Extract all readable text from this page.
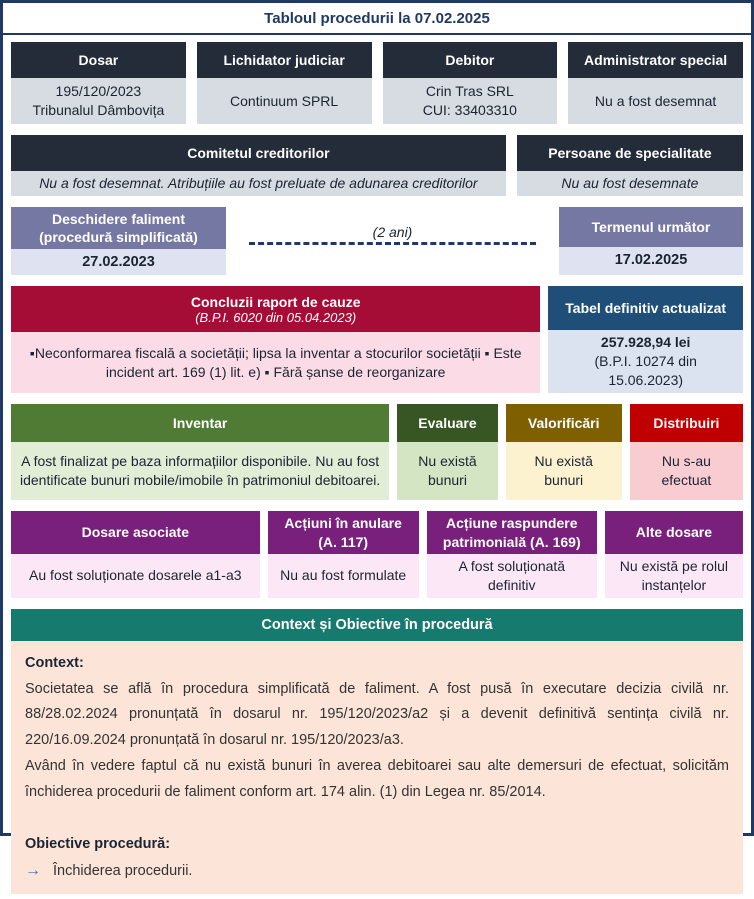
Tabloul procedurii la 07.02.2025
Dosar
195/120/2023
Tribunalul Dâmbovița
Lichidator judiciar
Continuum SPRL
Debitor
Crin Tras SRL
CUI: 33403310
Administrator special
Nu a fost desemnat
Comitetul creditorilor
Nu a fost desemnat. Atribuțiile au fost preluate de adunarea creditorilor
Persoane de specialitate
Nu au fost desemnate
Deschidere faliment
(procedură simplificată)
27.02.2023
(2 ani)	Termenul următor
17.02.2025
Concluzii raport de cauze
(B.P.I. 6020 din 05.04.2023)
▪Neconformarea fiscală a societății; lipsa la inventar a stocurilor societății ▪ Este incident art. 169 (1) lit. e) ▪ Fără șanse de reorganizare
Tabel definitiv actualizat
257.928,94 lei
(B.P.I. 10274 din 15.06.2023)
Inventar
A fost finalizat pe baza informațiilor disponibile. Nu au fost identificate bunuri mobile/imobile în patrimoniul debitoarei.
Evaluare
Nu există bunuri
Valorificări
Nu există bunuri
Distribuiri
Nu s-au efectuat
Dosare asociate
Au fost soluționate dosarele a1-a3
Acțiuni în anulare (A. 117)
Nu au fost formulate
Acțiune raspundere patrimonială (A. 169)
A fost soluționată definitiv
Alte dosare
Nu există pe rolul instanțelor
Context și Obiective în procedură
Context:

Societatea se află în procedura simplificată de faliment. A fost pusă în executare decizia civilă nr. 88/28.02.2024 pronunțată în dosarul nr. 195/120/2023/a2 și a devenit definitivă sentința civilă nr. 220/16.09.2024 pronunțată în dosarul nr. 195/120/2023/a3.

Având în vedere faptul că nu există bunuri în averea debitoarei sau alte demersuri de efectuat, solicităm închiderea procedurii de faliment conform art. 174 alin. (1) din Legea nr. 85/2014.

Obiective procedură:
→ Închiderea procedurii.
